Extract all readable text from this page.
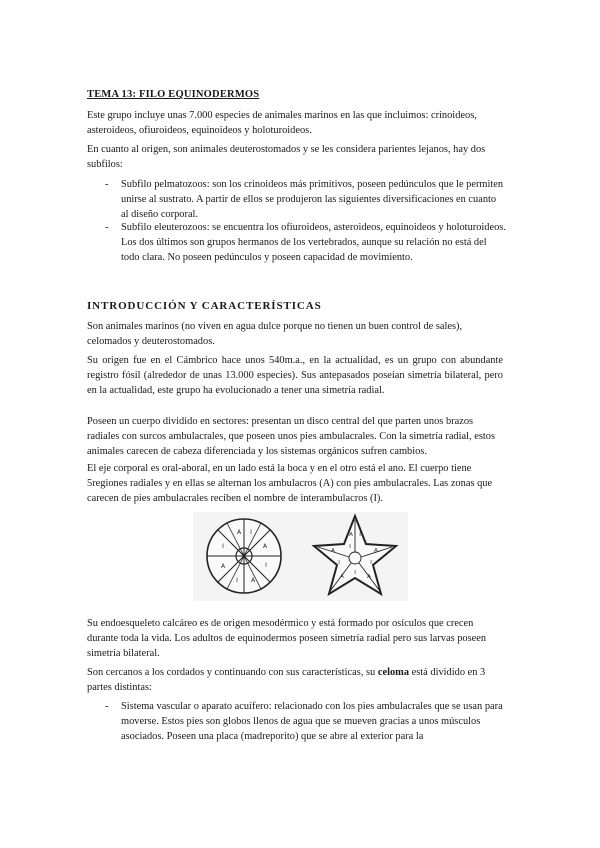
TEMA 13: FILO EQUINODERMOS

Este grupo incluye unas 7.000 especies de animales marinos en las que incluimos: crinoideos, asteroideos, ofiuroideos, equinoideos y holoturoideos.

En cuanto al origen, son animales deuterostomados y se les considera parientes lejanos, hay dos subfilos:

- Subfilo pelmatozoos: son los crinoideos más primitivos, poseen pedúnculos que le permiten unirse al sustrato. A partir de ellos se produjeron las siguientes diversificaciones en cuanto al diseño corporal.

- Subfilo eleuterozoos: se encuentra los ofiuroideos, asteroideos, equinoideos y holoturoideos. Los dos últimos son grupos hermanos de los vertebrados, aunque su relación no está del todo clara. No poseen pedúnculos y poseen capacidad de movimiento.

INTRODUCCIÓN Y CARACTERÍSTICAS

Son animales marinos (no viven en agua dulce porque no tienen un buen control de sales), celomados y deuterostomados.

Su origen fue en el Cámbrico hace unos 540m.a., en la actualidad, es un grupo con abundante registro fósil (alrededor de unas 13.000 especies). Sus antepasados poseían simetría bilateral, pero en la actualidad, este grupo ha evolucionado a tener una simetría radial.

Poseen un cuerpo dividido en sectores: presentan un disco central del que parten unos brazos radiales con surcos ambulacrales, que poseen unos pies ambulacrales. Con la simetría radial, estos animales carecen de cabeza diferenciada y los sistemas orgánicos sufren cambios.

El eje corporal es oral-aboral, en un lado está la boca y en el otro está el ano. El cuerpo tiene 5regiones radiales y en ellas se alternan los ambulacros (A) con pies ambulacrales. Las zonas que carecen de pies ambulacrales reciben el nombre de interambulacros (I).

A I
A
I
A
I
A
I
A I
A
I
A
I
A
I
A
I

Su endoesqueleto calcáreo es de origen mesodérmico y está formado por osículos que crecen durante toda la vida. Los adultos de equinodermos poseen simetría radial pero sus larvas poseen simetría bilateral.

Son cercanos a los cordados y continuando con sus características, su celoma está dividido en 3 partes distintas:

- Sistema vascular o aparato acuífero: relacionado con los pies ambulacrales que se usan para moverse. Estos pies son globos llenos de agua que se mueven gracias a unos músculos asociados. Poseen una placa (madreporito) que se abre al exterior para la
